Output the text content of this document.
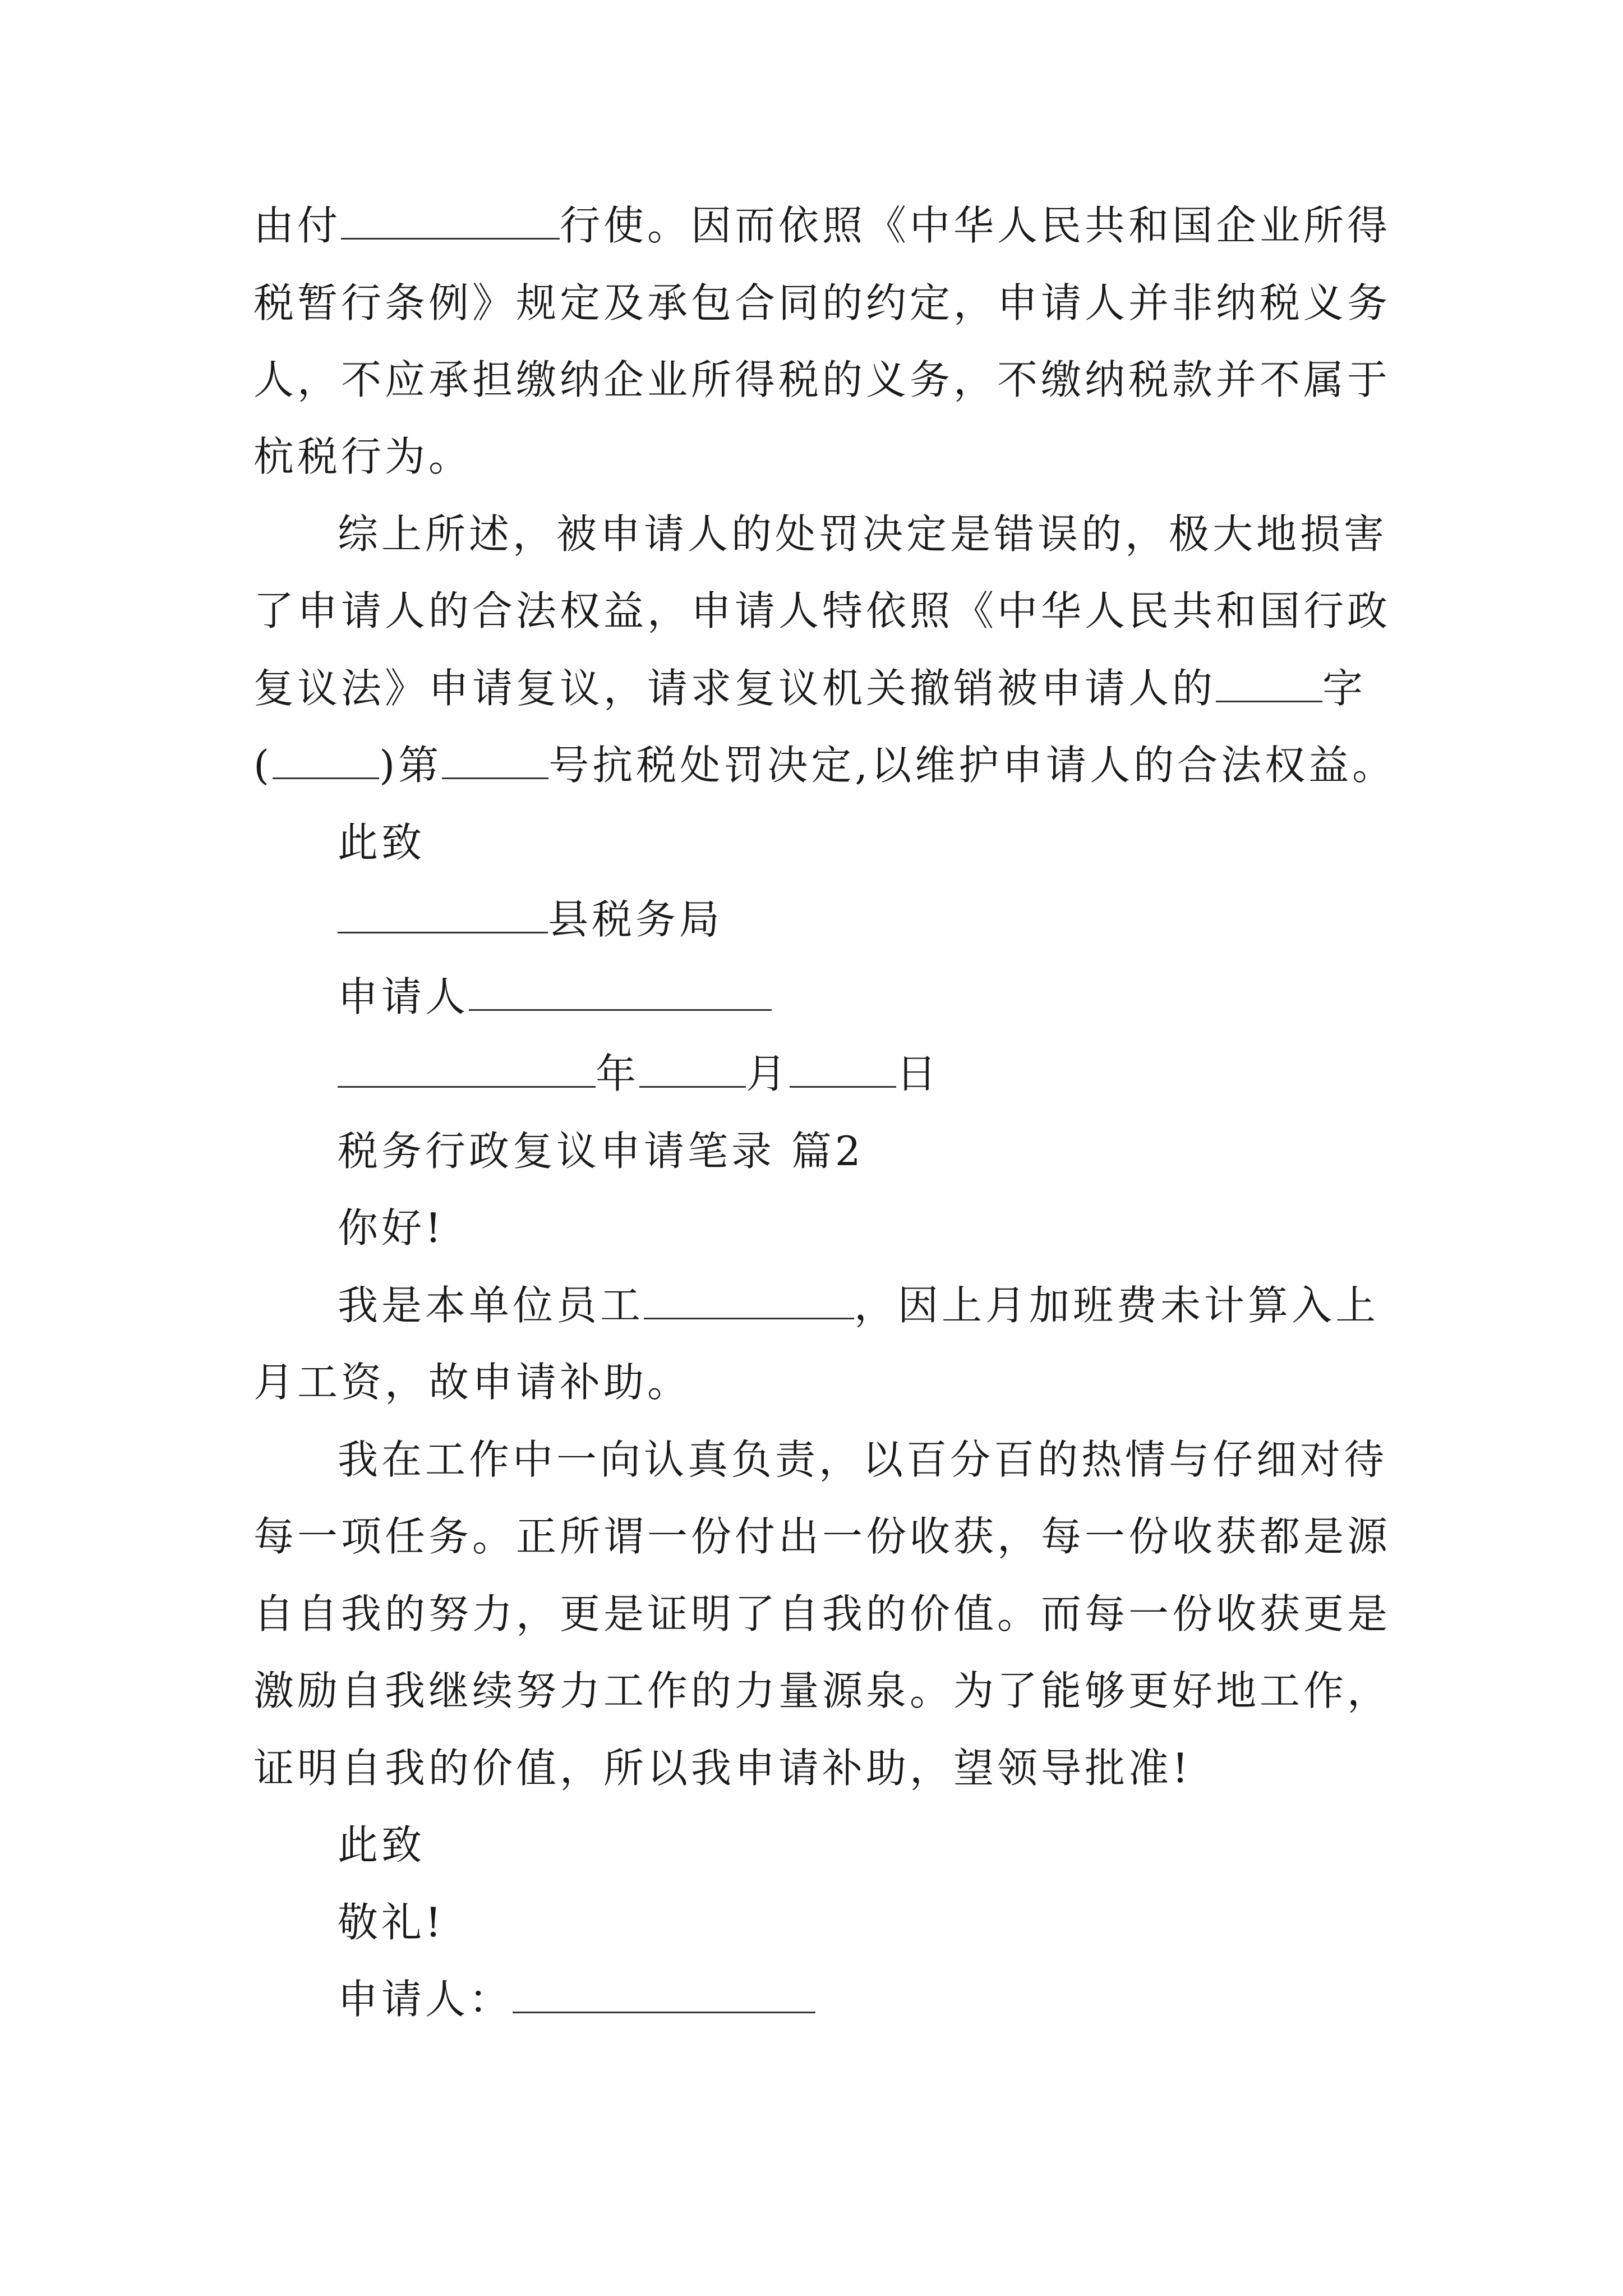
由付	行使。因而依照《中华人民共和国企业所得
税暂行条例》规定及承包合同的约定，申请人并非纳税义务
人，不应承担缴纳企业所得税的义务，不缴纳税款并不属于
杭税行为。
综上所述，被申请人的处罚决定是错误的，极大地损害
了申请人的合法权益，申请人特依照《中华人民共和国行政
复议法》申请复议，请求复议机关撤销被申请人的	字
(	)第	号抗税处罚决定,以维护申请人的合法权益。
此致
县税务局
申请人
年	月	日
税务行政复议申请笔录 篇2
你好!
我是本单位员工	，因上月加班费未计算入上
月工资，故申请补助。
我在工作中一向认真负责，以百分百的热情与仔细对待
每一项任务。正所谓一份付出一份收获，每一份收获都是源
自自我的努力，更是证明了自我的价值。而每一份收获更是
激励自我继续努力工作的力量源泉。为了能够更好地工作，
证明自我的价值，所以我申请补助，望领导批准!
此致
敬礼!
申请人：
